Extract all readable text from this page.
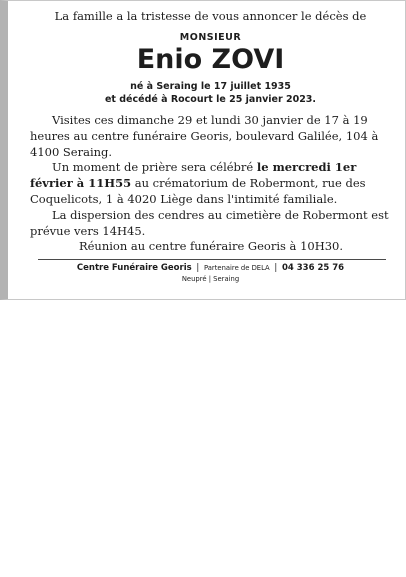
La famille a la tristesse de vous annoncer le décès de
MONSIEUR
Enio ZOVI
né à Seraing le 17 juillet 1935
et décédé à Rocourt le 25 janvier 2023.

Visites ces dimanche 29 et lundi 30 janvier de 17 à 19 heures au centre funéraire Georis, boulevard Galilée, 104 à 4100 Seraing.

Un moment de prière sera célébré le mercredi 1er février à 11H55 au crématorium de Robermont, rue des Coquelicots, 1 à 4020 Liège dans l'intimité familiale.

La dispersion des cendres au cimetière de Robermont est prévue vers 14H45.

Réunion au centre funéraire Georis à 10H30.

Centre Funéraire Georis | Partenaire de DELA | 04 336 25 76
Neupré | Seraing
